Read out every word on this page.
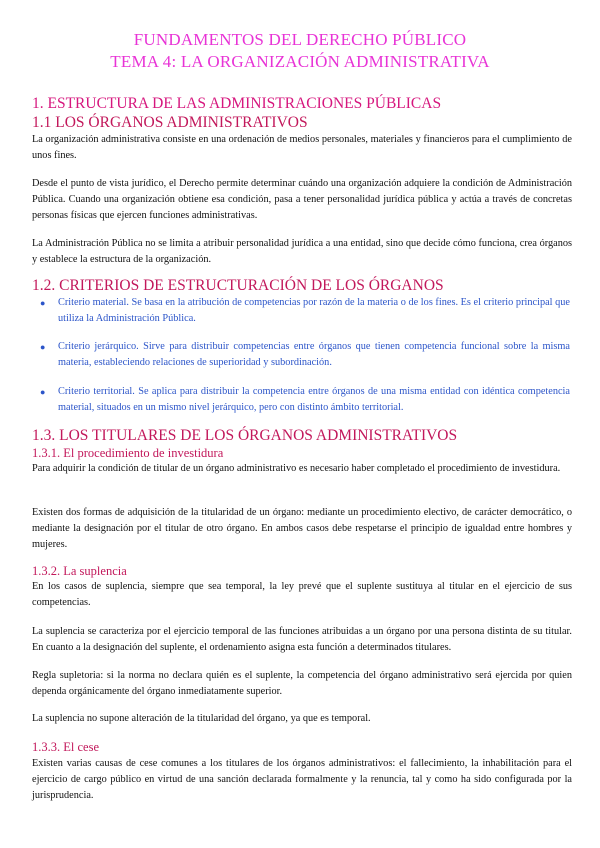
FUNDAMENTOS DEL DERECHO PÚBLICO
TEMA 4: LA ORGANIZACIÓN ADMINISTRATIVA
1. ESTRUCTURA DE LAS ADMINISTRACIONES PÚBLICAS
1.1 LOS ÓRGANOS ADMINISTRATIVOS
La organización administrativa consiste en una ordenación de medios personales, materiales y financieros para el cumplimiento de unos fines.
Desde el punto de vista jurídico, el Derecho permite determinar cuándo una organización adquiere la condición de Administración Pública. Cuando una organización obtiene esa condición, pasa a tener personalidad jurídica pública y actúa a través de concretas personas físicas que ejercen funciones administrativas.
La Administración Pública no se limita a atribuir personalidad jurídica a una entidad, sino que decide cómo funciona, crea órganos y establece la estructura de la organización.
1.2. CRITERIOS DE ESTRUCTURACIÓN DE LOS ÓRGANOS
● Criterio material. Se basa en la atribución de competencias por razón de la materia o de los fines. Es el criterio principal que utiliza la Administración Pública.
● Criterio jerárquico. Sirve para distribuir competencias entre órganos que tienen competencia funcional sobre la misma materia, estableciendo relaciones de superioridad y subordinación.
● Criterio territorial. Se aplica para distribuir la competencia entre órganos de una misma entidad con idéntica competencia material, situados en un mismo nivel jerárquico, pero con distinto ámbito territorial.
1.3. LOS TITULARES DE LOS ÓRGANOS ADMINISTRATIVOS
1.3.1. El procedimiento de investidura
Para adquirir la condición de titular de un órgano administrativo es necesario haber completado el procedimiento de investidura.
Existen dos formas de adquisición de la titularidad de un órgano: mediante un procedimiento electivo, de carácter democrático, o mediante la designación por el titular de otro órgano. En ambos casos debe respetarse el principio de igualdad entre hombres y mujeres.
1.3.2. La suplencia
En los casos de suplencia, siempre que sea temporal, la ley prevé que el suplente sustituya al titular en el ejercicio de sus competencias.
La suplencia se caracteriza por el ejercicio temporal de las funciones atribuidas a un órgano por una persona distinta de su titular. En cuanto a la designación del suplente, el ordenamiento asigna esta función a determinados titulares.
Regla supletoria: si la norma no declara quién es el suplente, la competencia del órgano administrativo será ejercida por quien dependa orgánicamente del órgano inmediatamente superior.
La suplencia no supone alteración de la titularidad del órgano, ya que es temporal.
1.3.3. El cese
Existen varias causas de cese comunes a los titulares de los órganos administrativos: el fallecimiento, la inhabilitación para el ejercicio de cargo público en virtud de una sanción declarada formalmente y la renuncia, tal y como ha sido configurada por la jurisprudencia.
